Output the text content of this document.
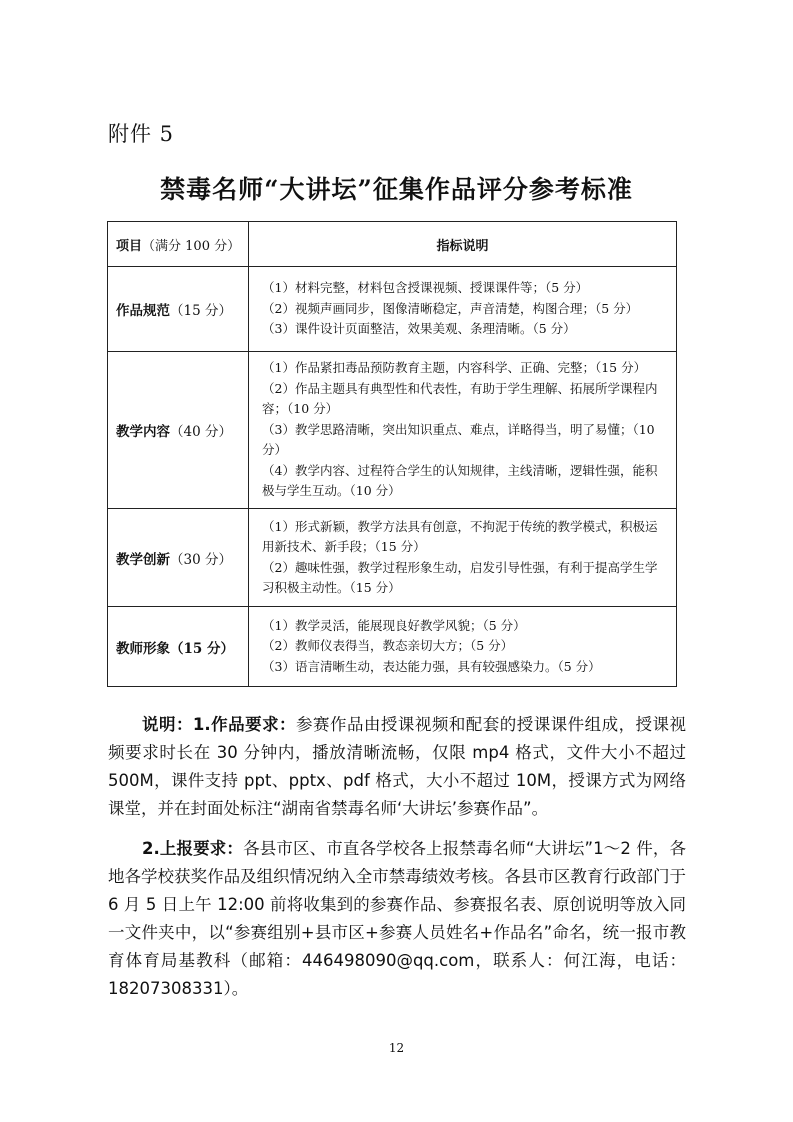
附件 5
禁毒名师“大讲坛”征集作品评分参考标准
项目（满分 100 分）	指标说明
作品规范（15 分）	（1）材料完整，材料包含授课视频、授课课件等；（5 分）
（2）视频声画同步，图像清晰稳定，声音清楚，构图合理；（5 分）
（3）课件设计页面整洁，效果美观、条理清晰。（5 分）

教学内容（40 分）	（1）作品紧扣毒品预防教育主题，内容科学、正确、完整；（15 分）
（2）作品主题具有典型性和代表性，有助于学生理解、拓展所学课程内容；（10 分）
（3）教学思路清晰，突出知识重点、难点，详略得当，明了易懂；（10 分）
（4）教学内容、过程符合学生的认知规律，主线清晰，逻辑性强，能积极与学生互动。（10 分）

教学创新（30 分）	（1）形式新颖，教学方法具有创意，不拘泥于传统的教学模式，积极运用新技术、新手段；（15 分）
（2）趣味性强，教学过程形象生动，启发引导性强，有利于提高学生学习积极主动性。（15 分）

教师形象（15 分）	（1）教学灵活，能展现良好教学风貌；（5 分）
（2）教师仪表得当，教态亲切大方；（5 分）
（3）语言清晰生动，表达能力强，具有较强感染力。（5 分）

说明：1.作品要求：参赛作品由授课视频和配套的授课课件组成，授课视频要求时长在 30 分钟内，播放清晰流畅，仅限 mp4 格式，文件大小不超过 500M，课件支持 ppt、pptx、pdf 格式，大小不超过 10M，授课方式为网络课堂，并在封面处标注“湖南省禁毒名师‘大讲坛’参赛作品”。

2.上报要求：各县市区、市直各学校各上报禁毒名师“大讲坛”1～2 件，各地各学校获奖作品及组织情况纳入全市禁毒绩效考核。各县市区教育行政部门于 6 月 5 日上午 12:00 前将收集到的参赛作品、参赛报名表、原创说明等放入同一文件夹中，以“参赛组别+县市区+参赛人员姓名+作品名”命名，统一报市教育体育局基教科（邮箱：446498090@qq.com，联系人：何江海，电话：18207308331）。

12
